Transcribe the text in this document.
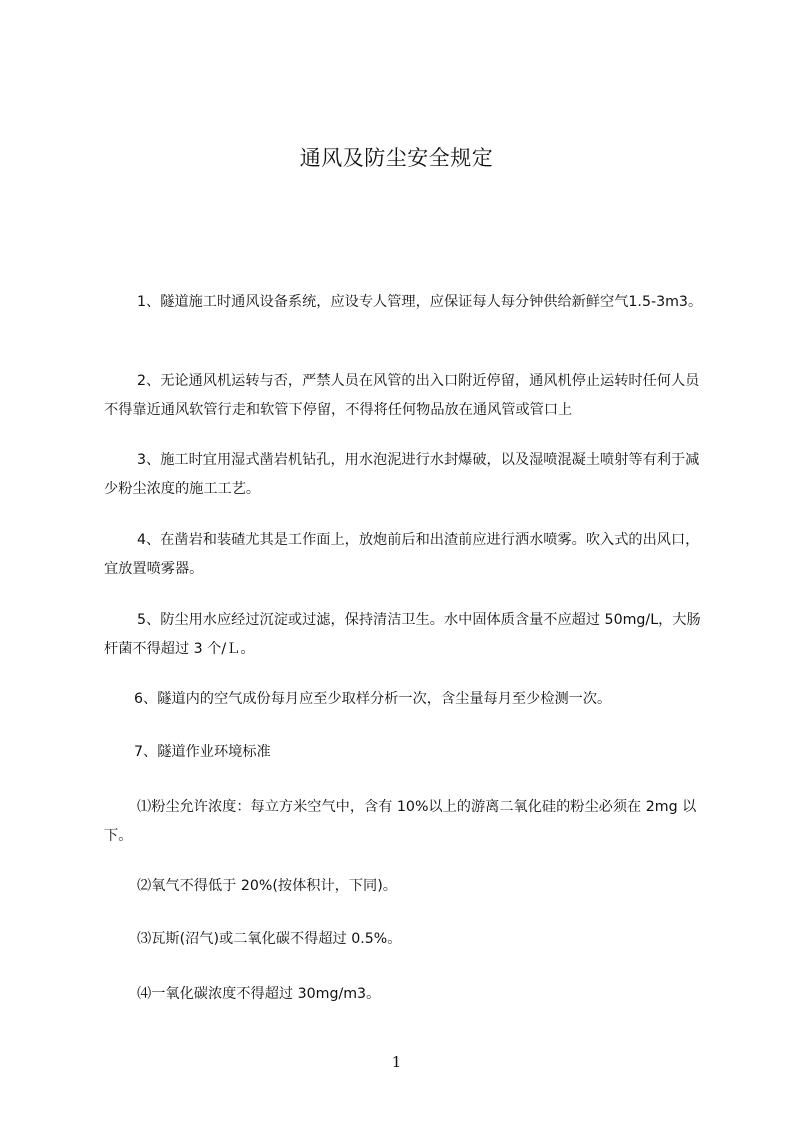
通风及防尘安全规定
1、隧道施工时通风设备系统，应设专人管理，应保证每人每分钟供给新鲜空气1.5-3m3。
2、无论通风机运转与否，严禁人员在风管的出入口附近停留，通风机停止运转时任何人员不得靠近通风软管行走和软管下停留，不得将任何物品放在通风管或管口上
3、施工时宜用湿式凿岩机钻孔，用水泡泥进行水封爆破，以及湿喷混凝土喷射等有利于减少粉尘浓度的施工工艺。
4、在凿岩和装碴尤其是工作面上，放炮前后和出渣前应进行洒水喷雾。吹入式的出风口，宜放置喷雾器。
5、防尘用水应经过沉淀或过滤，保持清洁卫生。水中固体质含量不应超过 50mg/L，大肠杆菌不得超过 3 个/Ｌ。
6、隧道内的空气成份每月应至少取样分析一次，含尘量每月至少检测一次。
7、隧道作业环境标准
⑴粉尘允许浓度：每立方米空气中，含有 10%以上的游离二氧化硅的粉尘必须在 2mg 以下。
⑵氧气不得低于 20%(按体积计，下同)。
⑶瓦斯(沼气)或二氧化碳不得超过 0.5%。
⑷一氧化碳浓度不得超过 30mg/m3。
1
